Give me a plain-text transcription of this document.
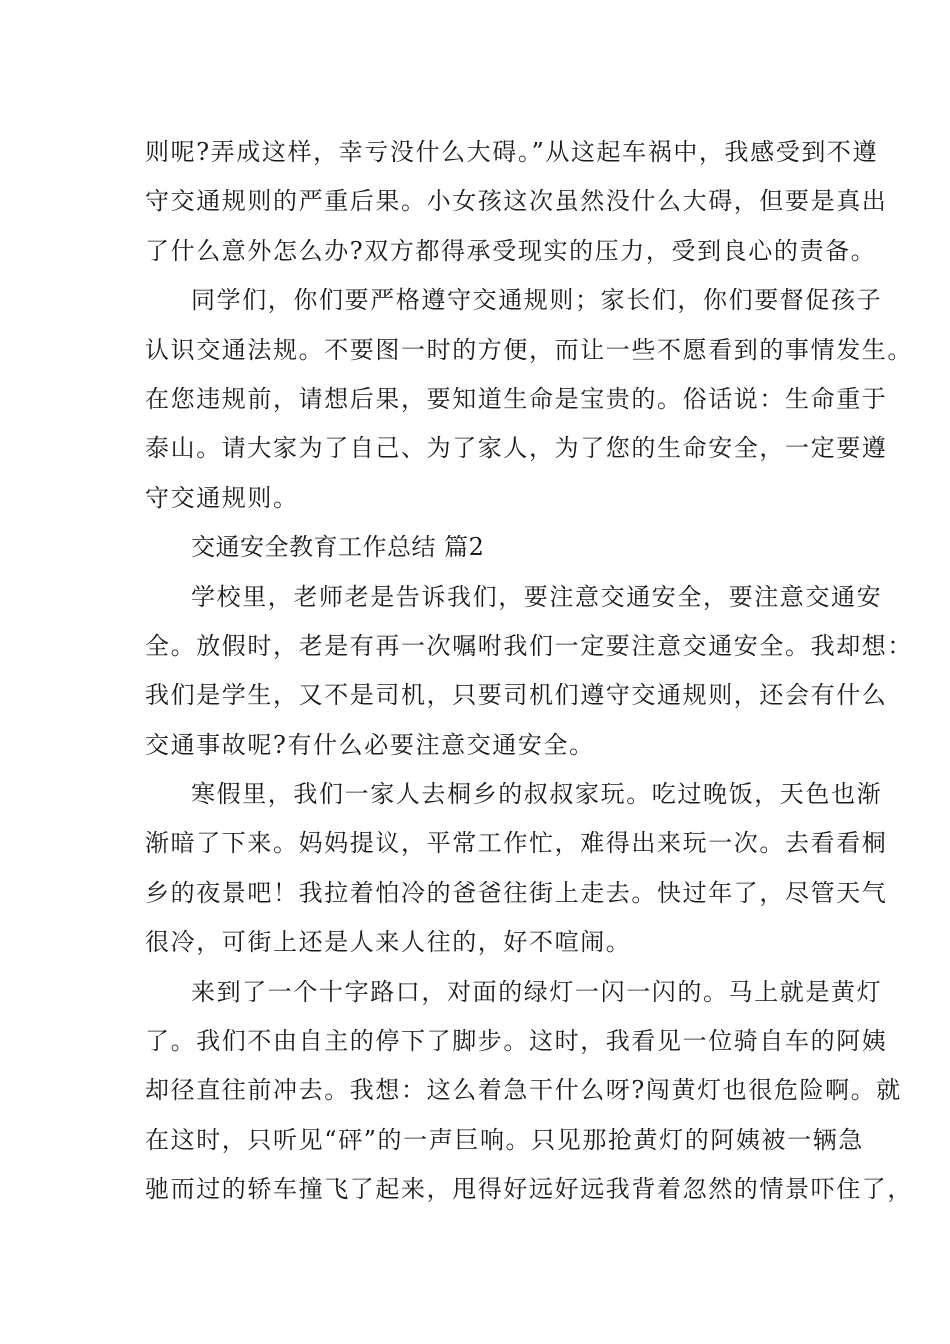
则呢?弄成这样，幸亏没什么大碍。”从这起车祸中，我感受到不遵
守交通规则的严重后果。小女孩这次虽然没什么大碍，但要是真出
了什么意外怎么办?双方都得承受现实的压力，受到良心的责备。
同学们，你们要严格遵守交通规则；家长们，你们要督促孩子
认识交通法规。不要图一时的方便，而让一些不愿看到的事情发生。
在您违规前，请想后果，要知道生命是宝贵的。俗话说：生命重于
泰山。请大家为了自己、为了家人，为了您的生命安全，一定要遵
守交通规则。
交通安全教育工作总结 篇2
学校里，老师老是告诉我们，要注意交通安全，要注意交通安
全。放假时，老是有再一次嘱咐我们一定要注意交通安全。我却想：
我们是学生，又不是司机，只要司机们遵守交通规则，还会有什么
交通事故呢?有什么必要注意交通安全。
寒假里，我们一家人去桐乡的叔叔家玩。吃过晚饭，天色也渐
渐暗了下来。妈妈提议，平常工作忙，难得出来玩一次。去看看桐
乡的夜景吧！我拉着怕冷的爸爸往街上走去。快过年了，尽管天气
很冷，可街上还是人来人往的，好不喧闹。
来到了一个十字路口，对面的绿灯一闪一闪的。马上就是黄灯
了。我们不由自主的停下了脚步。这时，我看见一位骑自车的阿姨
却径直往前冲去。我想：这么着急干什么呀?闯黄灯也很危险啊。就
在这时，只听见“砰”的一声巨响。只见那抢黄灯的阿姨被一辆急
驰而过的轿车撞飞了起来，甩得好远好远我背着忽然的情景吓住了，
